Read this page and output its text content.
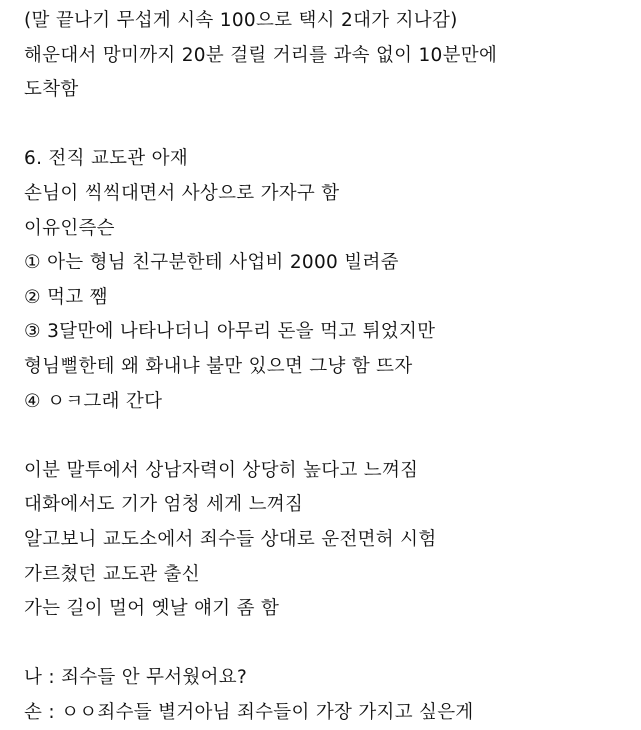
(말 끝나기 무섭게 시속 100으로 택시 2대가 지나감)
해운대서 망미까지 20분 걸릴 거리를 과속 없이 10분만에
도착함
6. 전직 교도관 아재
손님이 씩씩대면서 사상으로 가자구 함
이유인즉슨
① 아는 형님 친구분한테 사업비 2000 빌려줌
② 먹고 쨈
③ 3달만에 나타나더니 아무리 돈을 먹고 튀었지만
형님뻘한테 왜 화내냐 불만 있으면 그냥 함 뜨자
④ ㅇㅋ그래 간다
이분 말투에서 상남자력이 상당히 높다고 느껴짐
대화에서도 기가 엄청 세게 느껴짐
알고보니 교도소에서 죄수들 상대로 운전면허 시험
가르쳤던 교도관 출신
가는 길이 멀어 옛날 얘기 좀 함
나 : 죄수들 안 무서웠어요?
손 : ㅇㅇ죄수들 별거아님 죄수들이 가장 가지고 싶은게
